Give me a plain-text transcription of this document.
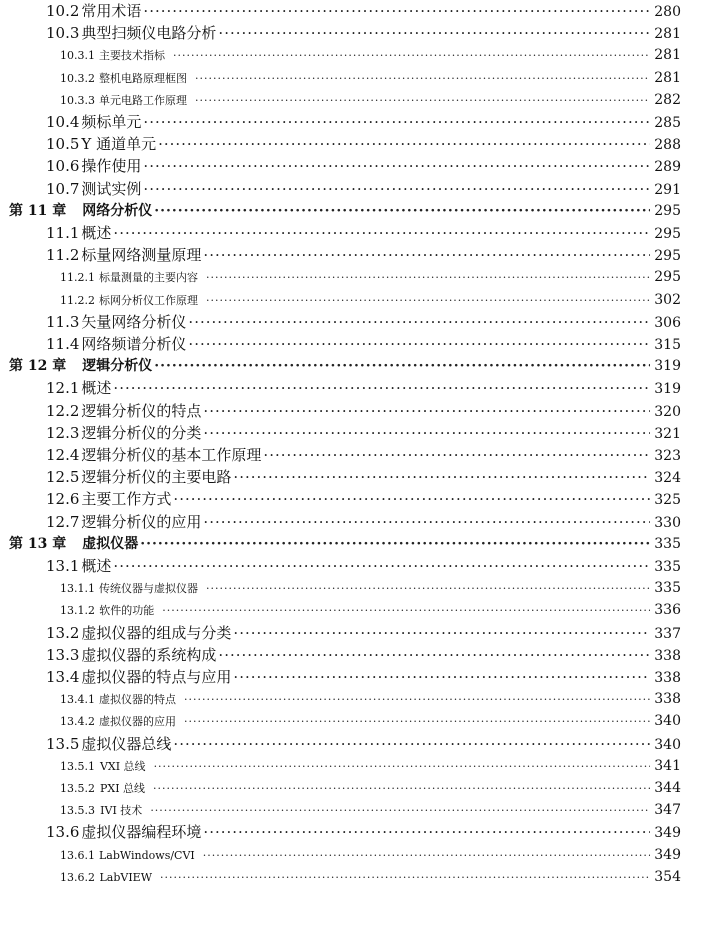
10.2 常用术语 ·····	280
10.3 典型扫频仪电路分析 ·····	281
10.3.1 主要技术指标 ·····	281
10.3.2 整机电路原理框图 ·····	281
10.3.3 单元电路工作原理 ·····	282
10.4 频标单元 ·····	285
10.5 Y 通道单元 ·····	288
10.6 操作使用 ·····	289
10.7 测试实例 ·····	291
第 11 章 网络分析仪 ·····	295
11.1 概述 ·····	295
11.2 标量网络测量原理 ·····	295
11.2.1 标量测量的主要内容 ·····	295
11.2.2 标网分析仪工作原理 ·····	302
11.3 矢量网络分析仪 ·····	306
11.4 网络频谱分析仪 ·····	315
第 12 章 逻辑分析仪 ·····	319
12.1 概述 ·····	319
12.2 逻辑分析仪的特点 ·····	320
12.3 逻辑分析仪的分类 ·····	321
12.4 逻辑分析仪的基本工作原理 ·····	323
12.5 逻辑分析仪的主要电路 ·····	324
12.6 主要工作方式 ·····	325
12.7 逻辑分析仪的应用 ·····	330
第 13 章 虚拟仪器 ·····	335
13.1 概述 ·····	335
13.1.1 传统仪器与虚拟仪器 ·····	335
13.1.2 软件的功能 ·····	336
13.2 虚拟仪器的组成与分类 ·····	337
13.3 虚拟仪器的系统构成 ·····	338
13.4 虚拟仪器的特点与应用 ·····	338
13.4.1 虚拟仪器的特点 ·····	338
13.4.2 虚拟仪器的应用 ·····	340
13.5 虚拟仪器总线 ·····	340
13.5.1 VXI 总线 ·····	341
13.5.2 PXI 总线 ·····	344
13.5.3 IVI 技术 ·····	347
13.6 虚拟仪器编程环境 ·····	349
13.6.1 LabWindows/CVI ·····	349
13.6.2 LabVIEW ·····	354
